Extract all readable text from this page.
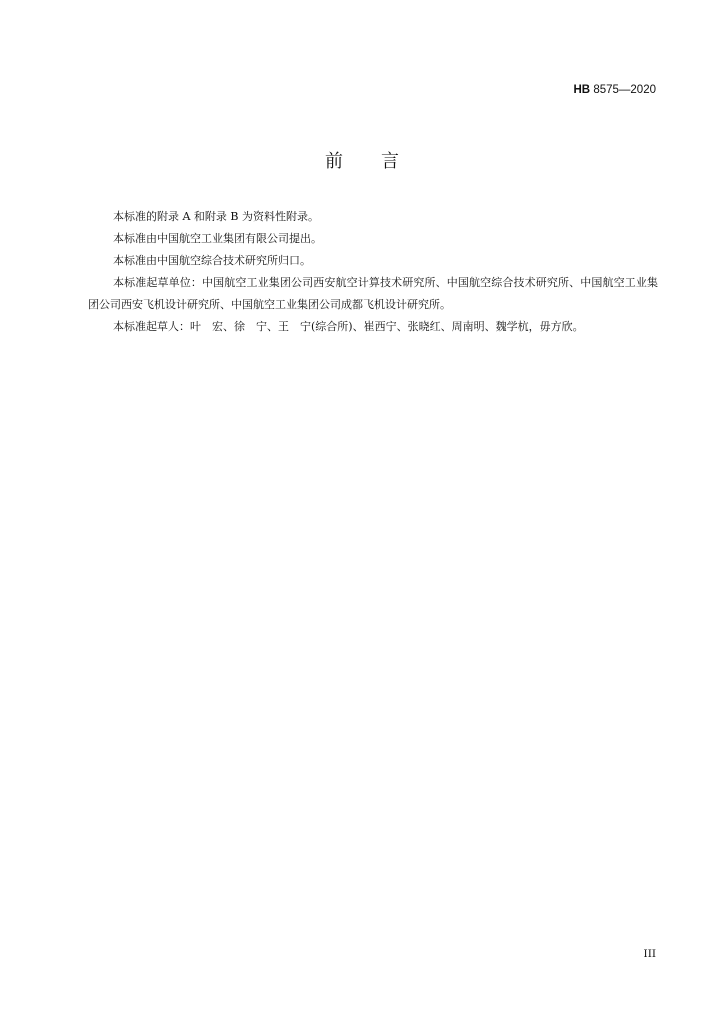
HB 8575—2020
前 言

本标准的附录 A 和附录 B 为资料性附录。

本标准由中国航空工业集团有限公司提出。

本标准由中国航空综合技术研究所归口。

本标准起草单位：中国航空工业集团公司西安航空计算技术研究所、中国航空综合技术研究所、中国航空工业集团公司西安飞机设计研究所、中国航空工业集团公司成都飞机设计研究所。

本标准起草人：叶　宏、徐　宁、王　宁(综合所)、崔西宁、张晓红、周南明、魏学杭，毋方欣。

III
